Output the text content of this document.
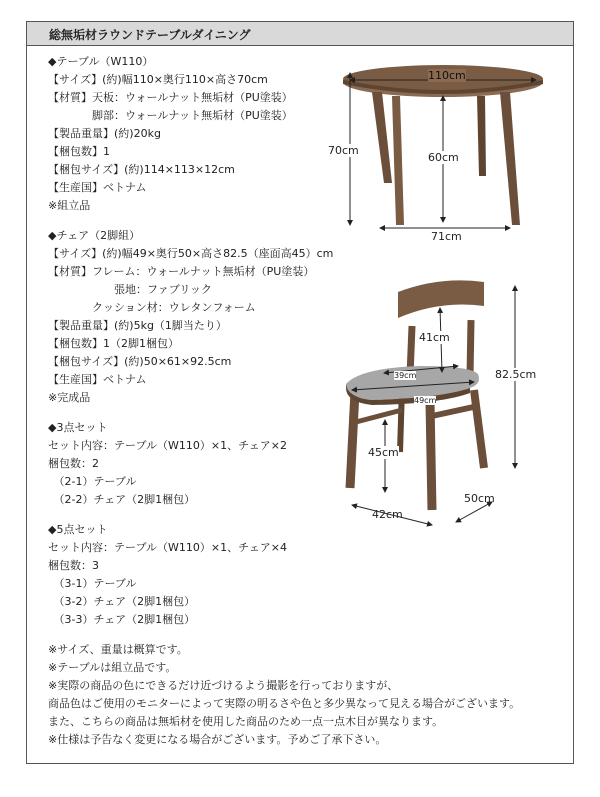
総無垢材ラウンドテーブルダイニング
◆テーブル（W110）
【サイズ】(約)幅110×奥行110×高さ70cm
【材質】天板：ウォールナット無垢材（PU塗装）
　　　　脚部：ウォールナット無垢材（PU塗装）
【製品重量】(約)20kg
【梱包数】1
【梱包サイズ】(約)114×113×12cm
【生産国】ベトナム
※組立品
◆チェア（2脚組）
【サイズ】(約)幅49×奥行50×高さ82.5（座面高45）cm
【材質】フレーム：ウォールナット無垢材（PU塗装）
　　　　　　張地：ファブリック
　　　　クッション材：ウレタンフォーム
【製品重量】(約)5kg（1脚当たり）
【梱包数】1（2脚1梱包）
【梱包サイズ】(約)50×61×92.5cm
【生産国】ベトナム
※完成品
◆3点セット
セット内容：テーブル（W110）×1、チェア×2
梱包数：2
　（2-1）テーブル
　（2-2）チェア（2脚1梱包）
◆5点セット
セット内容：テーブル（W110）×1、チェア×4
梱包数：3
　（3-1）テーブル
　（3-2）チェア（2脚1梱包）
　（3-3）チェア（2脚1梱包）
※サイズ、重量は概算です。
※テーブルは組立品です。
※実際の商品の色にできるだけ近づけるよう撮影を行っておりますが、
商品色はご使用のモニターによって実際の明るさや色と多少異なって見える場合がございます。
また、こちらの商品は無垢材を使用した商品のため一点一点木目が異なります。
※仕様は予告なく変更になる場合がございます。予めご了承下さい。
110cm
70cm
60cm
71cm
82.5cm
41cm
39cm
49cm
45cm
50cm
42cm
